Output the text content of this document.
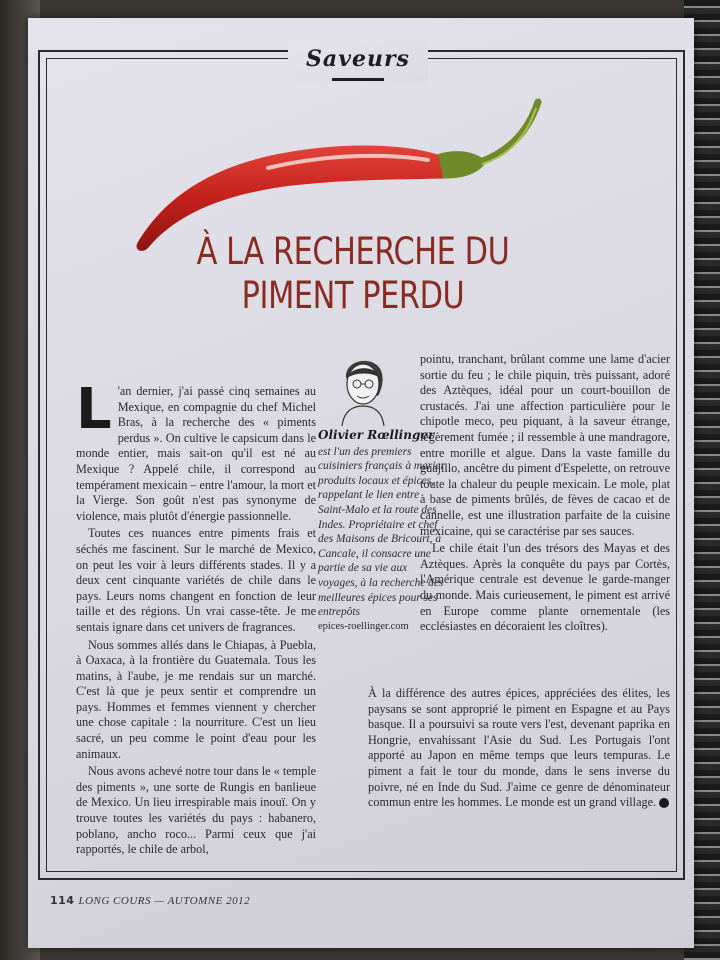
Saveurs
À LA RECHERCHE DU
PIMENT PERDU

L 'an dernier, j'ai passé cinq semaines au Mexique, en compagnie du chef Michel Bras, à la recherche des « piments perdus ». On cultive le capsicum dans le monde entier, mais sait-on qu'il est né au Mexique ? Appelé chile, il correspond au tempérament mexicain – entre l'amour, la mort et la Vierge. Son goût n'est pas synonyme de violence, mais plutôt d'énergie passionnelle.

Toutes ces nuances entre piments frais et séchés me fascinent. Sur le marché de Mexico, on peut les voir à leurs différents stades. Il y a deux cent cinquante variétés de chile dans le pays. Leurs noms changent en fonction de leur taille et des régions. Un vrai casse-tête. Je me sentais ignare dans cet univers de fragrances.

Nous sommes allés dans le Chiapas, à Puebla, à Oaxaca, à la frontière du Guatemala. Tous les matins, à l'aube, je me rendais sur un marché. C'est là que je peux sentir et comprendre un pays. Hommes et femmes viennent y chercher une chose capitale : la nourriture. C'est un lieu sacré, un peu comme le point d'eau pour les animaux.

Nous avons achevé notre tour dans le « temple des piments », une sorte de Rungis en banlieue de Mexico. Un lieu irrespirable mais inouï. On y trouve toutes les variétés du pays : habanero, poblano, ancho roco... Parmi ceux que j'ai rapportés, le chile de arbol,

Olivier Rœllinger
est l'un des premiers cuisiniers français à marier produits locaux et épices, rappelant le lien entre Saint-Malo et la route des Indes. Propriétaire et chef des Maisons de Bricourt, à Cancale, il consacre une partie de sa vie aux voyages, à la recherche des meilleures épices pour ses entrepôts
epices-roellinger.com

pointu, tranchant, brûlant comme une lame d'acier sortie du feu ; le chile piquin, très puissant, adoré des Aztèques, idéal pour un court-bouillon de crustacés. J'ai une affection particulière pour le chipotle meco, peu piquant, à la saveur étrange, légèrement fumée ; il ressemble à une mandragore, entre morille et algue. Dans la vaste famille du guajillo, ancêtre du piment d'Espelette, on retrouve toute la chaleur du peuple mexicain. Le mole, plat à base de piments brûlés, de fèves de cacao et de cannelle, est une illustration parfaite de la cuisine mexicaine, qui se caractérise par ses sauces.

Le chile était l'un des trésors des Mayas et des Aztèques. Après la conquête du pays par Cortès, l'Amérique centrale est devenue le garde-manger du monde. Mais curieusement, le piment est arrivé en Europe comme plante ornementale (les ecclésiastes en décoraient les cloîtres).

À la différence des autres épices, appréciées des élites, les paysans se sont approprié le piment en Espagne et au Pays basque. Il a poursuivi sa route vers l'est, devenant paprika en Hongrie, envahissant l'Asie du Sud. Les Portugais l'ont apporté au Japon en même temps que leurs tempuras. Le piment a fait le tour du monde, dans le sens inverse du poivre, né en Inde du Sud. J'aime ce genre de dénominateur commun entre les hommes. Le monde est un grand village.

114 LONG COURS — AUTOMNE 2012
